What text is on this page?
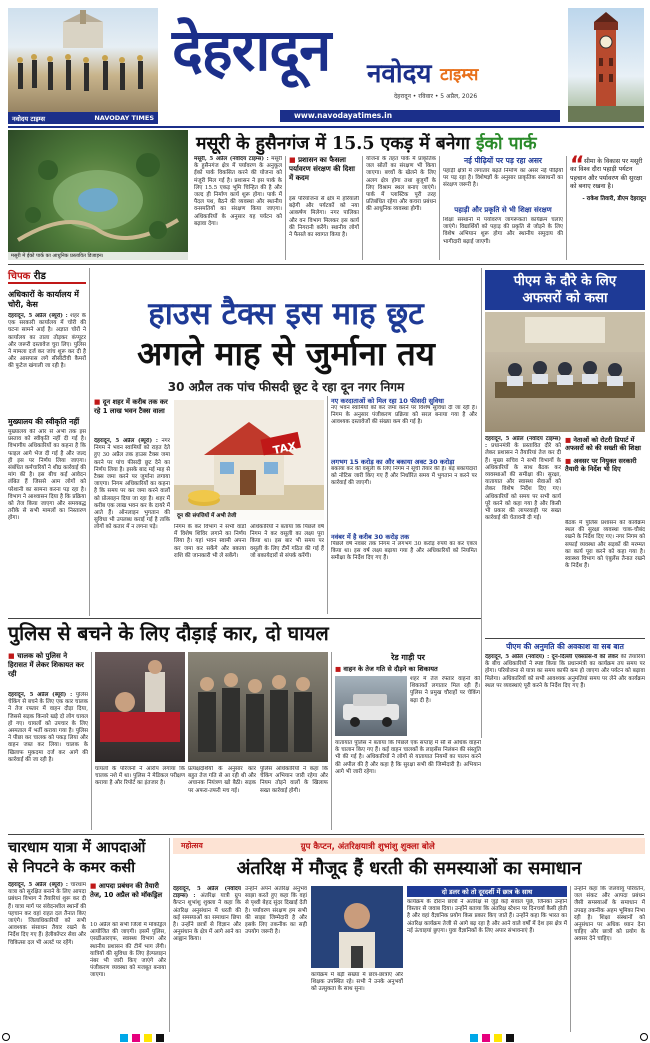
नवोदय टाइम्स	NAVODAY TIMES
देहरादून नवोदय टाइम्स
देहरादून • रविवार • 5 अप्रैल, 2026
www.navodayatimes.in
मसूरी के हुसैनगंज में 15.5 एकड़ में बनेगा ईको पार्क
मसूरी में ईको पार्क का आधुनिक प्रस्तावित डिजाइन।
मसूरी, 5 अप्रैल (नवोदय टाइम्स) : मसूरी के हुसैनगंज क्षेत्र में पर्यावरण के अनुकूल ईको पार्क विकसित करने की योजना को मंजूरी मिल गई है। प्रशासन ने इस पार्क के लिए 15.5 एकड़ भूमि चिन्हित की है और जल्द ही निर्माण कार्य शुरू होगा। पार्क में पैदल पथ, बैठने की व्यवस्था और स्थानीय वनस्पतियों का संरक्षण किया जाएगा। अधिकारियों के अनुसार यह पर्यटन को बढ़ावा देगा।
■ प्रशासन का फैसला पर्यावरण संरक्षण की दिशा में कदम
इस परियोजना से क्षेत्र में हरियाली बढ़ेगी और पर्यटकों को नया आकर्षण मिलेगा। नगर पालिका और वन विभाग मिलकर इस कार्य की निगरानी करेंगे। स्थानीय लोगों ने फैसले का स्वागत किया है।
योजना के तहत पार्क में प्राकृतिक जल स्रोतों का संरक्षण भी किया जाएगा। बच्चों के खेलने के लिए अलग क्षेत्र होगा तथा बुजुर्गों के लिए विश्राम स्थल बनाए जाएंगे। पार्क में प्लास्टिक पूरी तरह प्रतिबंधित रहेगा और कचरा प्रबंधन की आधुनिक व्यवस्था होगी।
नई पीढ़ियों पर पड़ रहा असर
पहाड़ी क्षेत्रों में लगातार बढ़ते निर्माण का असर नई पीढ़ियों पर पड़ रहा है। विशेषज्ञों के अनुसार प्राकृतिक संसाधनों का संरक्षण जरूरी है।
पहाड़ी और प्रकृति से भी शिक्षा संरक्षण
शिक्षा संस्थानों में पर्यावरण जागरूकता कार्यक्रम चलाए जाएंगे। विद्यार्थियों को पहाड़ की प्रकृति से जोड़ने के लिए विशेष अभियान शुरू होगा और स्थानीय समुदाय की भागीदारी बढ़ाई जाएगी।
“ सीमा के विकास पर मसूरी का विश्व दौरा पहाड़ी पर्यटन पहचान और पर्यावरण की सुरक्षा को बनाए रखना है।
- राकेश तिवारी, डीएम देहरादून
चिपक रीड
अधिकारों के कार्यालय में चोरी, केस
देहरादून, 5 अप्रैल (ब्यूरो) : शहर के एक सरकारी कार्यालय में चोरी की घटना सामने आई है। अज्ञात चोरों ने कार्यालय का ताला तोड़कर कंप्यूटर और जरूरी दस्तावेज चुरा लिए। पुलिस ने मामला दर्ज कर जांच शुरू कर दी है और आसपास लगे सीसीटीवी कैमरों की फुटेज खंगाली जा रही है।
मुख्यालय की स्वीकृति नहीं
मुख्यालय की ओर से अभी तक इस प्रस्ताव को स्वीकृति नहीं दी गई है। विभागीय अधिकारियों का कहना है कि फाइल आगे भेज दी गई है और जल्द ही इस पर निर्णय लिया जाएगा। संबंधित कर्मचारियों ने शीघ्र कार्रवाई की मांग की है। इस बीच कई आवेदन लंबित हैं जिससे आम लोगों को परेशानी का सामना करना पड़ रहा है। विभाग ने आश्वासन दिया है कि प्रक्रिया को तेज किया जाएगा और समयबद्ध तरीके से सभी मामलों का निस्तारण होगा।
हाउस टैक्स इस माह छूट
अगले माह से जुर्माना तय
30 अप्रैल तक पांच फीसदी छूट दे रहा दून नगर निगम
■ दून शहर में करीब तक कर रहे 1 लाख भवन टैक्स वाला
देहरादून, 5 अप्रैल (ब्यूरो) : नगर निगम ने भवन स्वामियों को राहत देते हुए 30 अप्रैल तक हाउस टैक्स जमा करने पर पांच फीसदी छूट देने का निर्णय लिया है। इसके बाद मई माह से टैक्स जमा करने पर जुर्माना लगाया जाएगा। निगम अधिकारियों का कहना है कि समय पर कर जमा करने वालों को प्रोत्साहन दिया जा रहा है। शहर में करीब एक लाख भवन कर के दायरे में आते हैं। ऑनलाइन भुगतान की सुविधा भी उपलब्ध कराई गई है ताकि लोगों को कतार में न लगना पड़े।
TAX
दून की संपत्तियों में अभी तेजी
निगम के कर विभाग ने सभी वार्डों में विशेष शिविर लगाने का निर्णय लिया है। यहां भवन स्वामी अपना कर जमा कर सकेंगे और बकाया राशि की जानकारी भी ले सकेंगे।
अधिकारियों ने बताया कि पिछले वर्ष निगम ने कर वसूली का लक्ष्य पूरा किया था। इस बार भी समय पर वसूली के लिए टीमें गठित की गई हैं जो बकायेदारों से संपर्क करेंगी।
नए करदाताओं को मिल रहा 10 फीसदी सुविधा
नए भवन स्वामियों को कर जमा करने पर विशेष सुविधा दी जा रही है। निगम के अनुसार पंजीकरण प्रक्रिया को सरल बनाया गया है और आवश्यक दस्तावेजों की संख्या कम की गई है।
लगभग 15 करोड़ का और बकाया अक्ट 30 करोड़ा
बकाया कर की वसूली के लिए निगम ने सूची तैयार की है। बड़े बकायेदारों को नोटिस जारी किए गए हैं और निर्धारित समय में भुगतान न करने पर कार्रवाई की जाएगी।
नवंबर में है करीब 30 करोड़ तक
पिछले वर्ष नवंबर तक निगम ने लगभग 30 करोड़ रुपये का कर एकत्र किया था। इस वर्ष लक्ष्य बढ़ाया गया है और अधिकारियों को नियमित समीक्षा के निर्देश दिए गए हैं।
पीएम के दौरे के लिए
अफसरों को कसा
देहरादून, 5 अप्रैल (नवोदय टाइम्स) : प्रधानमंत्री के प्रस्तावित दौरे को लेकर प्रशासन ने तैयारियां तेज कर दी हैं। मुख्य सचिव ने सभी विभागों के अधिकारियों के साथ बैठक कर व्यवस्थाओं की समीक्षा की। सुरक्षा, यातायात और स्वास्थ्य सेवाओं को लेकर विशेष निर्देश दिए गए। अधिकारियों को समय पर सभी कार्य पूरे करने को कहा गया है और किसी भी प्रकार की लापरवाही पर सख्त कार्रवाई की चेतावनी दी गई।
■ नेताओं को रोटरी डिपार्ट में अफसरों को की सख्ती की शिक्षा
■ अवसर पर नियुक्त सरकारी तैयारी के निर्देश भी दिए
बैठक में पुलिस प्रशासन को कार्यक्रम स्थल की सुरक्षा व्यवस्था चाक-चौबंद रखने के निर्देश दिए गए। नगर निगम को सफाई व्यवस्था और सड़कों की मरम्मत का कार्य पूरा करने को कहा गया है। स्वास्थ्य विभाग को एंबुलेंस तैनात रखने के निर्देश हैं।
पीएम की अनुमति की अवकाश वा सब बात
देहरादून, 5 अप्रैल (नवोदय) : दून-दिल्ली एक्सप्रेस-वे को लेकर की तैयारियों के बीच अधिकारियों ने स्पष्ट किया कि प्रधानमंत्री का कार्यक्रम तय समय पर होगा। परियोजना से यात्रा का समय काफी कम हो जाएगा और पर्यटन को बढ़ावा मिलेगा। अधिकारियों को सभी आवश्यक अनुमतियां समय पर लेने और कार्यक्रम स्थल पर व्यवस्थाएं पूरी करने के निर्देश दिए गए हैं।
पुलिस से बचने के लिए दौड़ाई कार, दो घायल
■ चालक को पुलिस ने हिरासत में लेकर शिकायत कर रही
देहरादून, 5 अप्रैल (ब्यूरो) : पुलिस चेकिंग से बचने के लिए एक कार चालक ने तेज रफ्तार में वाहन दौड़ा दिया, जिससे सड़क किनारे खड़े दो लोग घायल हो गए। घायलों को उपचार के लिए अस्पताल में भर्ती कराया गया है। पुलिस ने पीछा कर चालक को पकड़ लिया और वाहन जब्त कर लिया। चालक के खिलाफ मुकदमा दर्ज कर आगे की कार्रवाई की जा रही है।
घायलों के परिजनों ने आरोप लगाया कि चालक नशे में था। पुलिस ने मेडिकल परीक्षण कराया है और रिपोर्ट का इंतजार है।
प्रत्यक्षदर्शियों के अनुसार कार बहुत तेज गति से आ रही थी और अचानक नियंत्रण खो बैठी। सड़क पर अफरा-तफरी मच गई।
पुलिस अधिकारियों ने कहा कि चेकिंग अभियान जारी रहेगा और नियम तोड़ने वालों के खिलाफ सख्त कार्रवाई होगी।
रेड गाड़ी पर
■ वाहन के तेज गति से दौड़ने का शिकायत
शहर में तेज रफ्तार वाहनों की शिकायतें लगातार मिल रही हैं। पुलिस ने प्रमुख चौराहों पर चेकिंग बढ़ा दी है।
यातायात पुलिस ने बताया कि पिछले एक सप्ताह में सौ से अधिक वाहनों के चालान किए गए हैं। कई वाहन चालकों के लाइसेंस निलंबन की संस्तुति भी की गई है। अधिकारियों ने लोगों से यातायात नियमों का पालन करने की अपील की है और कहा है कि सुरक्षा सभी की जिम्मेदारी है। अभियान आगे भी जारी रहेगा।
चारधाम यात्रा में आपदाओं
से निपटने के कमर कसी
देहरादून, 5 अप्रैल (ब्यूरो) : चारधाम यात्रा को सुरक्षित बनाने के लिए आपदा प्रबंधन विभाग ने तैयारियां शुरू कर दी हैं। यात्रा मार्ग पर संवेदनशील स्थानों की पहचान कर वहां राहत दल तैनात किए जाएंगे। जिलाधिकारियों को सभी आवश्यक संसाधन तैयार रखने के निर्देश दिए गए हैं। हेलीकॉप्टर सेवा और चिकित्सा दल भी अलर्ट पर रहेंगे।
■ आपदा प्रबंधन की तैयारी तेज, 10 अप्रैल को मॉकड्रिल
10 अप्रैल को सभी जिलों में मॉकड्रिल आयोजित की जाएगी। इसमें पुलिस, एसडीआरएफ, स्वास्थ्य विभाग और स्थानीय प्रशासन की टीमें भाग लेंगी। यात्रियों की सुविधा के लिए हेल्पलाइन नंबर भी जारी किए जाएंगे और पंजीकरण व्यवस्था को मजबूत बनाया जाएगा।
महोत्सव	ग्रुप कैप्टन, अंतरिक्षयात्री शुभांशु शुक्ला बोले
अंतरिक्ष में मौजूद हैं धरती की समस्याओं का समाधान
देहरादून, 5 अप्रैल (नवोदय टाइम्स) : अंतरिक्ष यात्री ग्रुप कैप्टन शुभांशु शुक्ला ने कहा कि अंतरिक्ष अनुसंधान में धरती की कई समस्याओं का समाधान छिपा है। उन्होंने छात्रों से विज्ञान और अनुसंधान के क्षेत्र में आगे आने का आह्वान किया।
उन्होंने अपने अंतरिक्ष अनुभव साझा करते हुए कहा कि वहां से पृथ्वी बेहद सुंदर दिखाई देती है। पर्यावरण संरक्षण हम सभी की साझा जिम्मेदारी है और इसके लिए तकनीक का सही उपयोग जरूरी है।
कार्यक्रम में बड़ी संख्या में छात्र-छात्राएं और शिक्षक उपस्थित रहे। सभी ने उनके अनुभवों को उत्सुकता के साथ सुना।
दो डलर को तो दूरदर्शी में छात्र के साथ
कार्यक्रम के दौरान छात्रों ने अंतरिक्ष से जुड़े कई सवाल पूछे, जिनका उन्होंने विस्तार से जवाब दिया। उन्होंने बताया कि अंतरिक्ष स्टेशन पर दिनचर्या कैसी होती है और वहां वैज्ञानिक प्रयोग किस प्रकार किए जाते हैं। उन्होंने कहा कि भारत का अंतरिक्ष कार्यक्रम तेजी से आगे बढ़ रहा है और आने वाले वर्षों में देश इस क्षेत्र में नई ऊंचाइयां छुएगा। युवा वैज्ञानिकों के लिए अपार संभावनाएं हैं।
उन्होंने कहा कि जलवायु परिवर्तन, जल संकट और आपदा प्रबंधन जैसी समस्याओं के समाधान में उपग्रह तकनीक अहम भूमिका निभा रही है। शिक्षा संस्थानों को अनुसंधान पर अधिक ध्यान देना चाहिए और छात्रों को प्रयोग के अवसर देने चाहिए।
